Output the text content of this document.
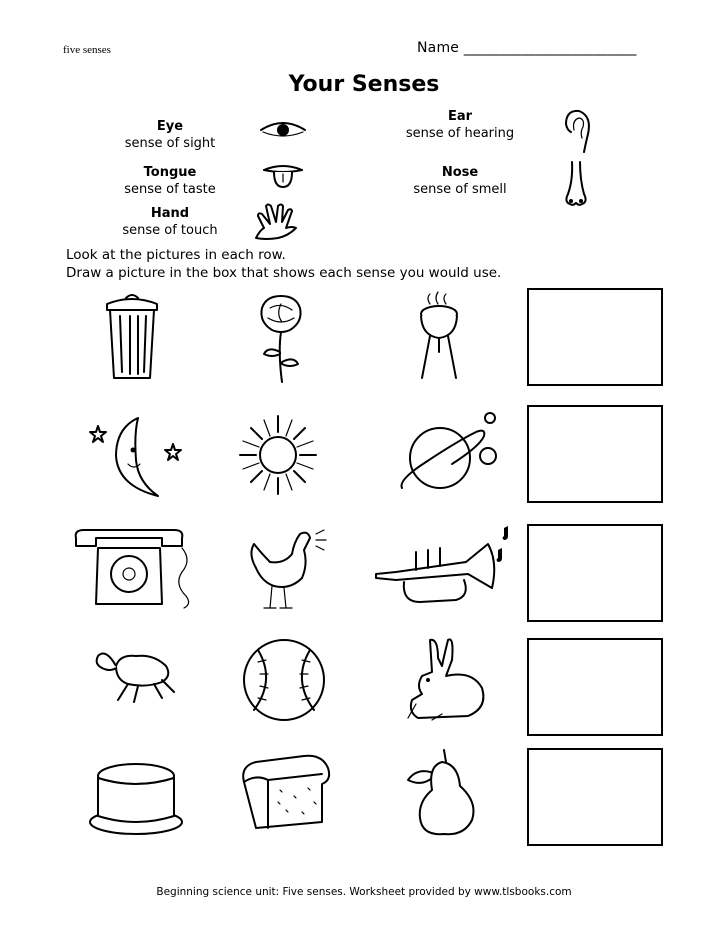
five senses	Name ________________________
Your Senses
Eye
sense of sight
Ear
sense of hearing
Tongue
sense of taste
Nose
sense of smell
Hand
sense of touch
Look at the pictures in each row.
Draw a picture in the box that shows each sense you would use.
Beginning science unit: Five senses. Worksheet provided by www.tlsbooks.com
